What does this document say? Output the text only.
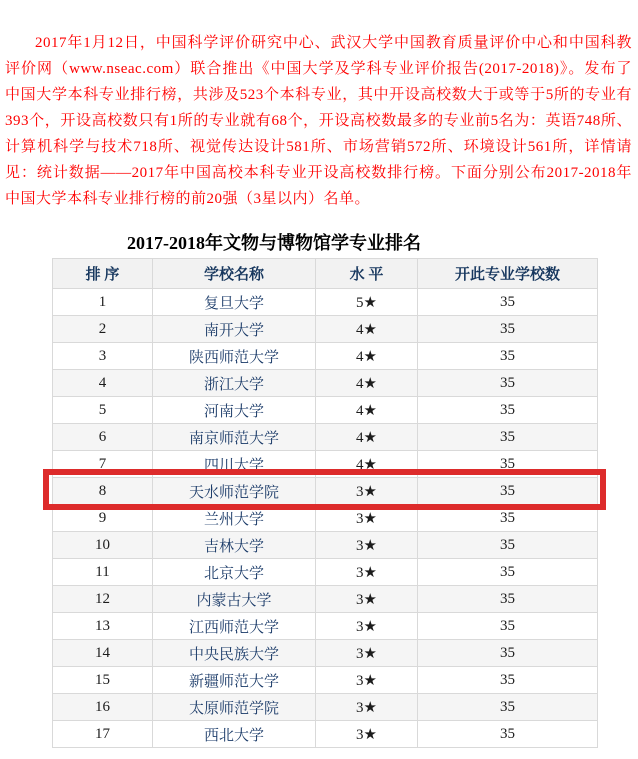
2017年1月12日，中国科学评价研究中心、武汉大学中国教育质量评价中心和中国科教评价网（www.nseac.com）联合推出《中国大学及学科专业评价报告(2017-2018)》。发布了中国大学本科专业排行榜，共涉及523个本科专业，其中开设高校数大于或等于5所的专业有393个，开设高校数只有1所的专业就有68个，开设高校数最多的专业前5名为：英语748所、计算机科学与技术718所、视觉传达设计581所、市场营销572所、环境设计561所，详情请见：统计数据——2017年中国高校本科专业开设高校数排行榜。下面分别公布2017-2018年中国大学本科专业排行榜的前20强（3星以内）名单。

2017-2018年文物与博物馆学专业排名
排 序	学校名称	水 平	开此专业学校数
1	复旦大学	5★	35
2	南开大学	4★	35
3	陕西师范大学	4★	35
4	浙江大学	4★	35
5	河南大学	4★	35
6	南京师范大学	4★	35
7	四川大学	4★	35
8	天水师范学院	3★	35
9	兰州大学	3★	35
10	吉林大学	3★	35
11	北京大学	3★	35
12	内蒙古大学	3★	35
13	江西师范大学	3★	35
14	中央民族大学	3★	35
15	新疆师范大学	3★	35
16	太原师范学院	3★	35
17	西北大学	3★	35
